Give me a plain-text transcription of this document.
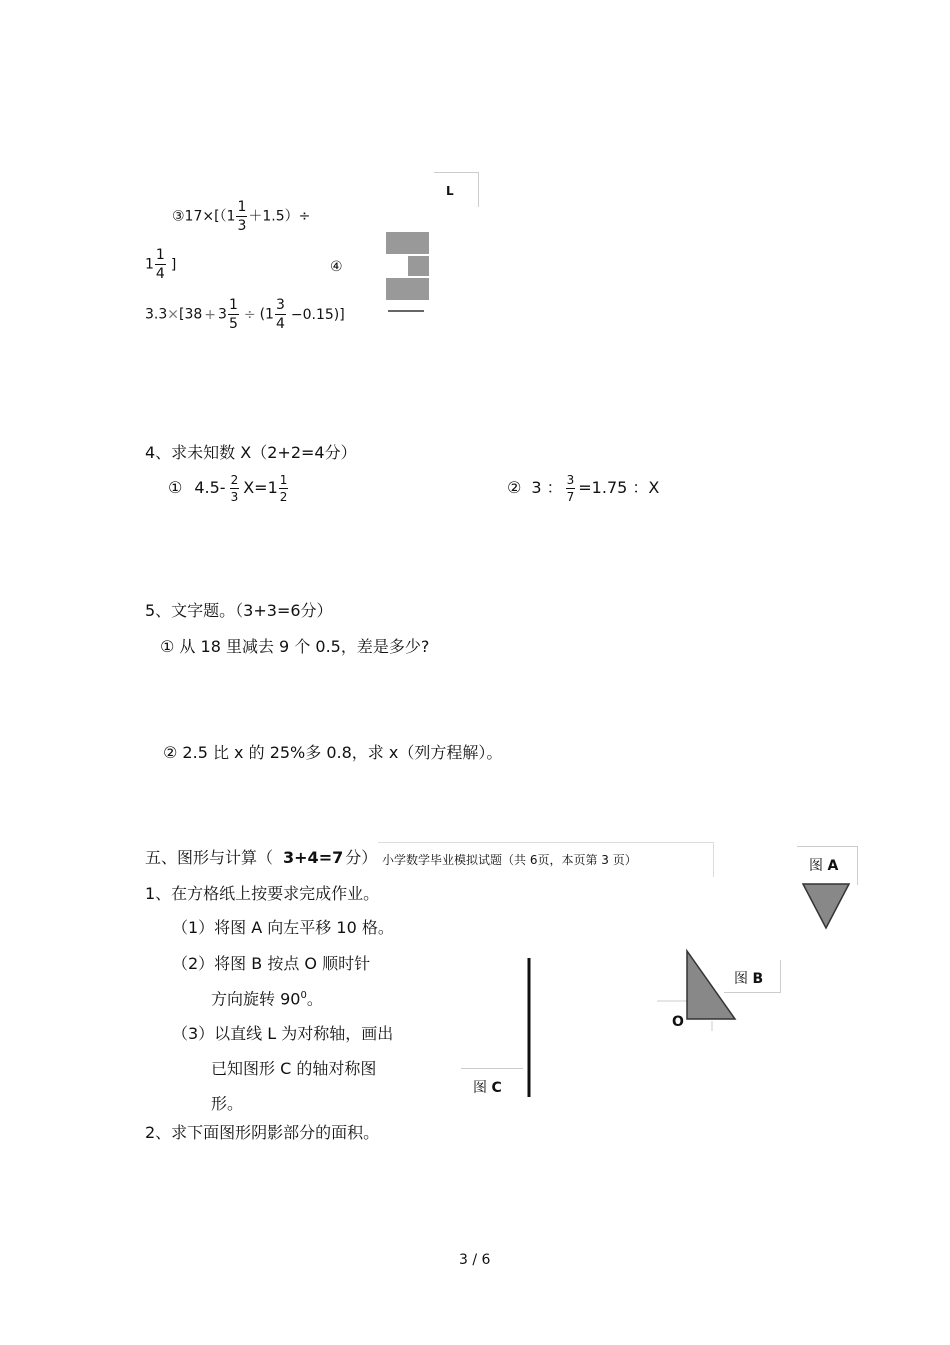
③17×[（1 $\frac{1}{3} +1.5)\div$
$1 \frac{1}{4}$ ]	④
$3.3\times[38 + 3 \frac{1}{5} \div (1 \frac{3}{4} -0.15)]$
L
4、求未知数 X（2+2=4分）
① $4.5- \frac{2}{3} X=1 \frac{1}{2}$	② 3 ： $\frac{3}{7} =1.75$ ：X
5、文字题。（3+3=6分）
① 从 18 里减去 9 个 0.5，差是多少?
② 2.5 比 x 的 25%多 0.8，求 x（列方程解）。
五、图形与计算（ 3+4=7 分） 小学数学毕业模拟试题（共 6页，本页第 3 页）
1、在方格纸上按要求完成作业。
（1）将图 A 向左平移 10 格。
（2）将图 B 按点 O 顺时针
方向旋转 $90^0$。
（3）以直线 L 为对称轴，画出
已知图形 C 的轴对称图
形。
2、求下面图形阴影部分的面积。
图 A
图 B
O
图 C
3 / 6
